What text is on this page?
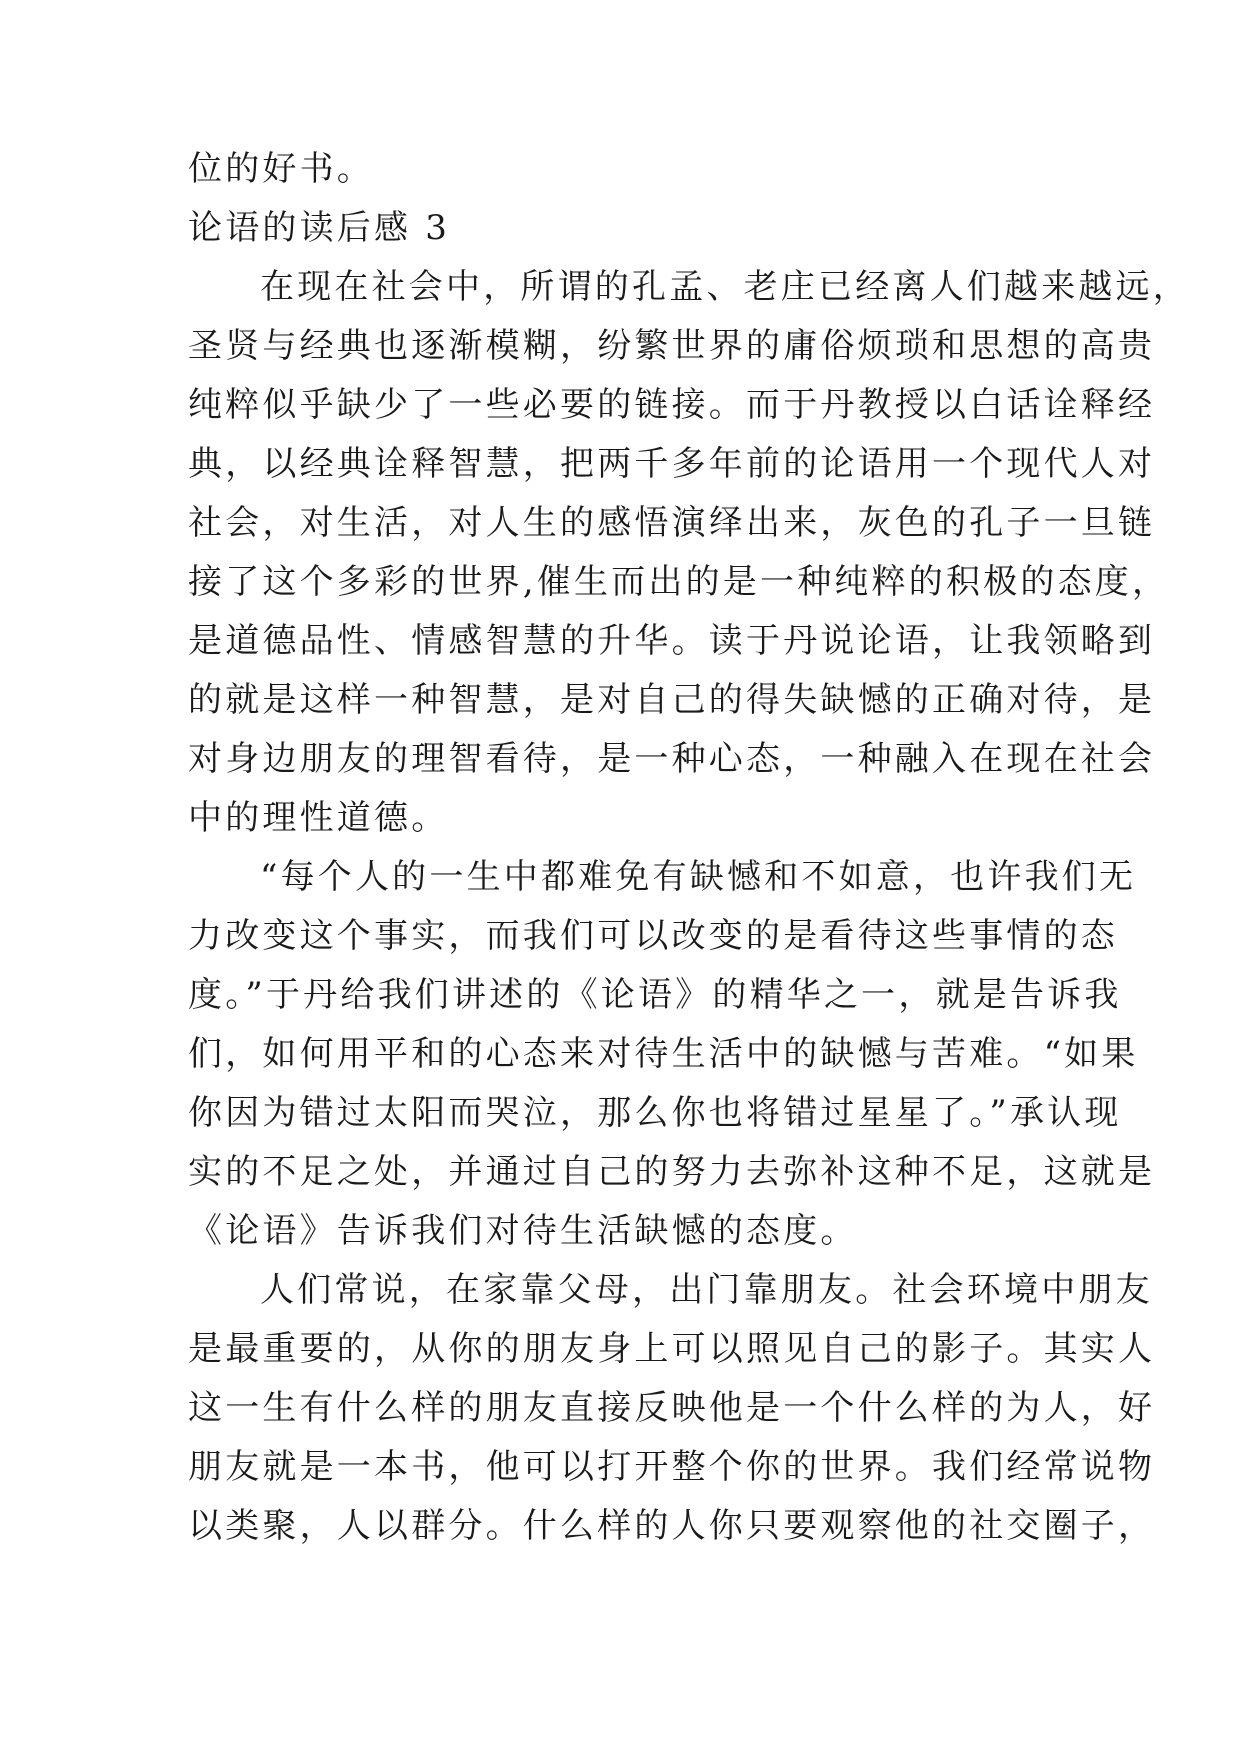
位的好书。

论语的读后感 3

在现在社会中，所谓的孔孟、老庄已经离人们越来越远，

圣贤与经典也逐渐模糊，纷繁世界的庸俗烦琐和思想的高贵

纯粹似乎缺少了一些必要的链接。而于丹教授以白话诠释经

典，以经典诠释智慧，把两千多年前的论语用一个现代人对

社会，对生活，对人生的感悟演绎出来，灰色的孔子一旦链

接了这个多彩的世界,催生而出的是一种纯粹的积极的态度，

是道德品性、情感智慧的升华。读于丹说论语，让我领略到

的就是这样一种智慧，是对自己的得失缺憾的正确对待，是

对身边朋友的理智看待，是一种心态，一种融入在现在社会

中的理性道德。

“每个人的一生中都难免有缺憾和不如意，也许我们无

力改变这个事实，而我们可以改变的是看待这些事情的态

度。”于丹给我们讲述的《论语》的精华之一，就是告诉我

们，如何用平和的心态来对待生活中的缺憾与苦难。“如果

你因为错过太阳而哭泣，那么你也将错过星星了。”承认现

实的不足之处，并通过自己的努力去弥补这种不足，这就是

《论语》告诉我们对待生活缺憾的态度。

人们常说，在家靠父母，出门靠朋友。社会环境中朋友

是最重要的，从你的朋友身上可以照见自己的影子。其实人

这一生有什么样的朋友直接反映他是一个什么样的为人，好

朋友就是一本书，他可以打开整个你的世界。我们经常说物

以类聚，人以群分。什么样的人你只要观察他的社交圈子，
